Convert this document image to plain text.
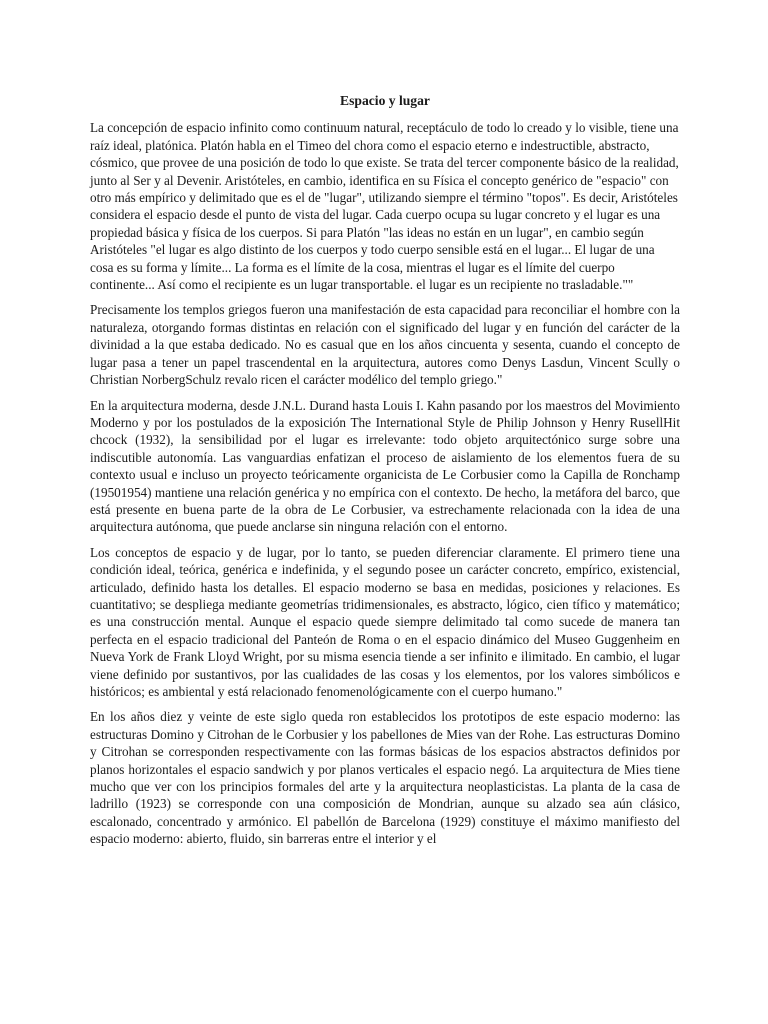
Espacio y lugar

La concepción de espacio infinito como continuum natural, receptáculo de todo lo creado y lo visible, tiene una raíz ideal, platónica. Platón habla en el Timeo del chora como el espacio eterno e indestructible, abstracto, cósmico, que provee de una posición de todo lo que existe. Se trata del tercer componente básico de la realidad, junto al Ser y al Devenir. Aristóteles, en cambio, identifica en su Física el concepto genérico de "espacio" con otro más empírico y delimitado que es el de "lugar", utilizando siempre el término "topos". Es decir, Aristóteles considera el espacio desde el punto de vista del lugar. Cada cuerpo ocupa su lugar concreto y el lugar es una propiedad básica y física de los cuerpos. Si para Platón "las ideas no están en un lugar", en cambio según Aristóteles "el lugar es algo distinto de los cuerpos y todo cuerpo sensible está en el lugar... El lugar de una cosa es su forma y límite... La forma es el límite de la cosa, mientras el lugar es el límite del cuerpo continente... Así como el recipiente es un lugar transportable. el lugar es un recipiente no trasladable.""

Precisamente los templos griegos fueron una manifestación de esta capacidad para reconciliar el hombre con la naturaleza, otorgando formas distintas en relación con el significado del lugar y en función del carácter de la divinidad a la que estaba dedicado. No es casual que en los años cincuenta y sesenta, cuando el concepto de lugar pasa a tener un papel trascendental en la arquitectura, autores como Denys Lasdun, Vincent Scully o Christian NorbergSchulz revalo ricen el carácter modélico del templo griego."

En la arquitectura moderna, desde J.N.L. Durand hasta Louis I. Kahn pasando por los maestros del Movimiento Moderno y por los postulados de la exposición The International Style de Philip Johnson y Henry RusellHit chcock (1932), la sensibilidad por el lugar es irrelevante: todo objeto arquitectónico surge sobre una indiscutible autonomía. Las vanguardias enfatizan el proceso de aislamiento de los elementos fuera de su contexto usual e incluso un proyecto teóricamente organicista de Le Corbusier como la Capilla de Ronchamp (19501954) mantiene una relación genérica y no empírica con el contexto. De hecho, la metáfora del barco, que está presente en buena parte de la obra de Le Corbusier, va estrechamente relacionada con la idea de una arquitectura autónoma, que puede anclarse sin ninguna relación con el entorno.

Los conceptos de espacio y de lugar, por lo tanto, se pueden diferenciar claramente. El primero tiene una condición ideal, teórica, genérica e indefinida, y el segundo posee un carácter concreto, empírico, existencial, articulado, definido hasta los detalles. El espacio moderno se basa en medidas, posiciones y relaciones. Es cuantitativo; se despliega mediante geometrías tridimensionales, es abstracto, lógico, cien tífico y matemático; es una construcción mental. Aunque el espacio quede siempre delimitado tal como sucede de manera tan perfecta en el espacio tradicional del Panteón de Roma o en el espacio dinámico del Museo Guggenheim en Nueva York de Frank Lloyd Wright, por su misma esencia tiende a ser infinito e ilimitado. En cambio, el lugar viene definido por sustantivos, por las cualidades de las cosas y los elementos, por los valores simbólicos e históricos; es ambiental y está relacionado fenomenológicamente con el cuerpo humano."

En los años diez y veinte de este siglo queda ron establecidos los prototipos de este espacio moderno: las estructuras Domino y Citrohan de le Corbusier y los pabellones de Mies van der Rohe. Las estructuras Domino y Citrohan se corresponden respectivamente con las formas básicas de los espacios abstractos definidos por planos horizontales el espacio sandwich y por planos verticales el espacio negó. La arquitectura de Mies tiene mucho que ver con los principios formales del arte y la arquitectura neoplasticistas. La planta de la casa de ladrillo (1923) se corresponde con una composición de Mondrian, aunque su alzado sea aún clásico, escalonado, concentrado y armónico. El pabellón de Barcelona (1929) constituye el máximo manifiesto del espacio moderno: abierto, fluido, sin barreras entre el interior y el
